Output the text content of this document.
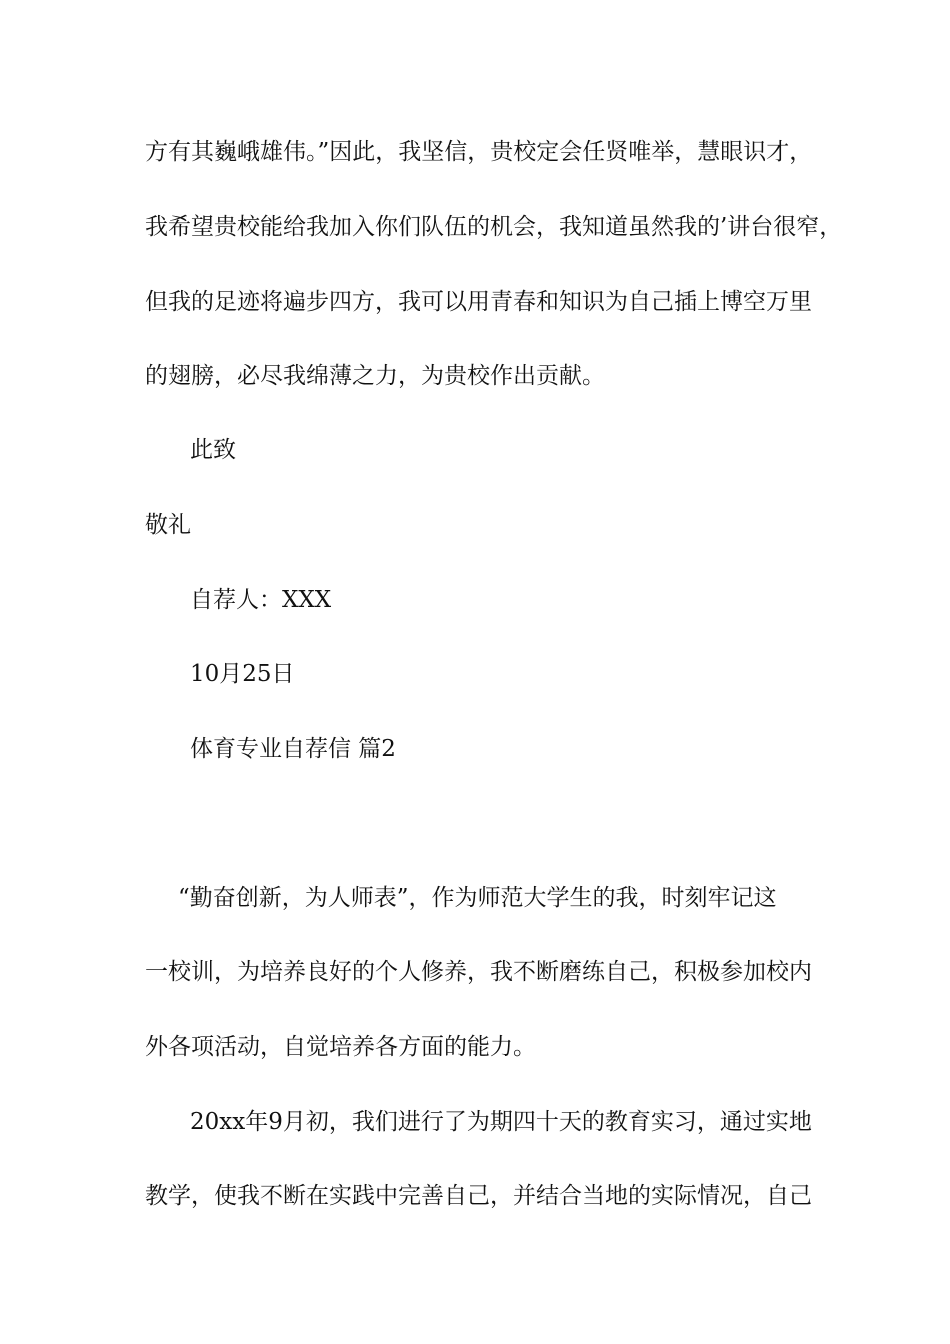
方有其巍峨雄伟。”因此，我坚信，贵校定会任贤唯举，慧眼识才，
我希望贵校能给我加入你们队伍的机会，我知道虽然我的’讲台很窄，
但我的足迹将遍步四方，我可以用青春和知识为自己插上博空万里
的翅膀，必尽我绵薄之力，为贵校作出贡献。
此致
敬礼
自荐人：XXX
10月25日
体育专业自荐信 篇2
“勤奋创新，为人师表”，作为师范大学生的我，时刻牢记这
一校训，为培养良好的个人修养，我不断磨练自己，积极参加校内
外各项活动，自觉培养各方面的能力。
20xx年9月初，我们进行了为期四十天的教育实习，通过实地
教学，使我不断在实践中完善自己，并结合当地的实际情况，自己
